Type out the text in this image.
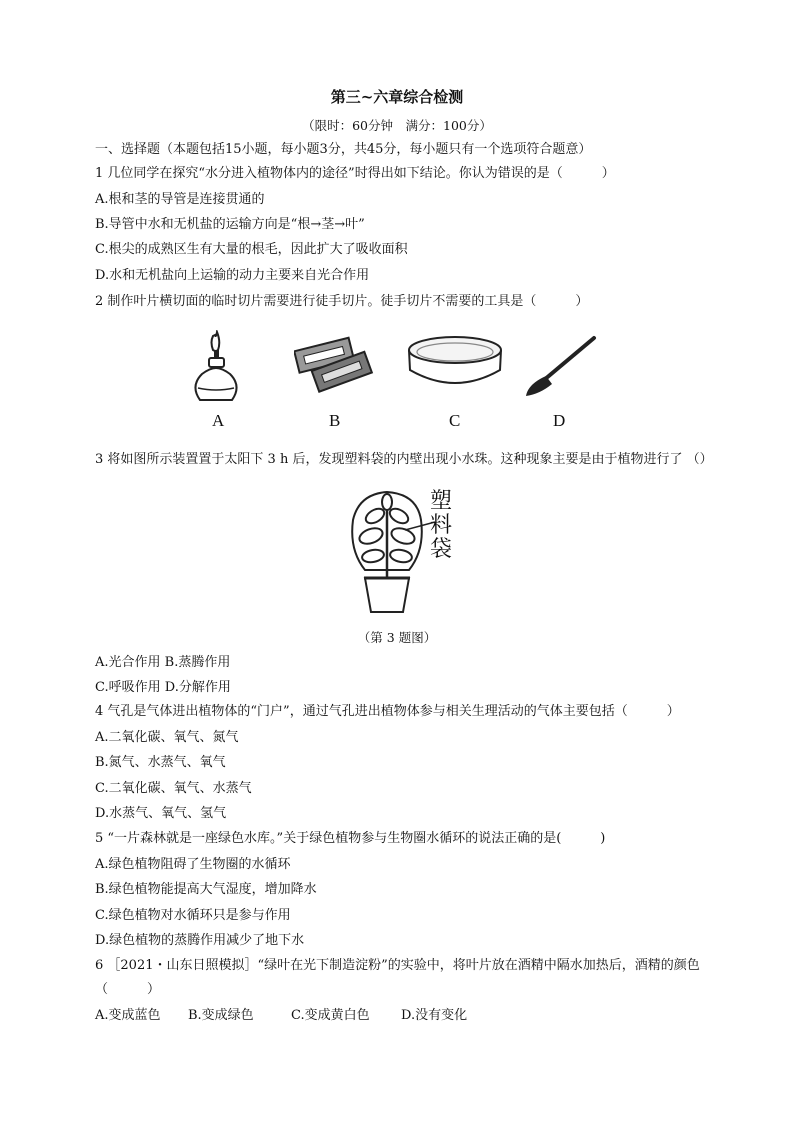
第三~六章综合检测
（限时：60分钟　满分：100分）
一、选择题（本题包括15小题，每小题3分，共45分，每小题只有一个选项符合题意）
1 几位同学在探究“水分进入植物体内的途径”时得出如下结论。你认为错误的是（　　　）
A.根和茎的导管是连接贯通的
B.导管中水和无机盐的运输方向是“根→茎→叶”
C.根尖的成熟区生有大量的根毛，因此扩大了吸收面积
D.水和无机盐向上运输的动力主要来自光合作用
2 制作叶片横切面的临时切片需要进行徒手切片。徒手切片不需要的工具是（　　　）
A	B	C	D
3 将如图所示装置置于太阳下 3 h 后，发现塑料袋的内壁出现小水珠。这种现象主要是由于植物进行了 （）
塑
料
袋
（第 3 题图）
A.光合作用 B.蒸腾作用
C.呼吸作用 D.分解作用
4 气孔是气体进出植物体的“门户”，通过气孔进出植物体参与相关生理活动的气体主要包括（　　　）
A.二氧化碳、氧气、氮气
B.氮气、水蒸气、氧气
C.二氧化碳、氧气、水蒸气
D.水蒸气、氧气、氢气
5 “一片森林就是一座绿色水库。”关于绿色植物参与生物圈水循环的说法正确的是(　　　)
A.绿色植物阻碍了生物圈的水循环
B.绿色植物能提高大气湿度，增加降水
C.绿色植物对水循环只是参与作用
D.绿色植物的蒸腾作用减少了地下水
6 ［2021・山东日照模拟］“绿叶在光下制造淀粉”的实验中，将叶片放在酒精中隔水加热后，酒精的颜色
（　　　）
A.变成蓝色 B.变成绿色	C.变成黄白色 D.没有变化
